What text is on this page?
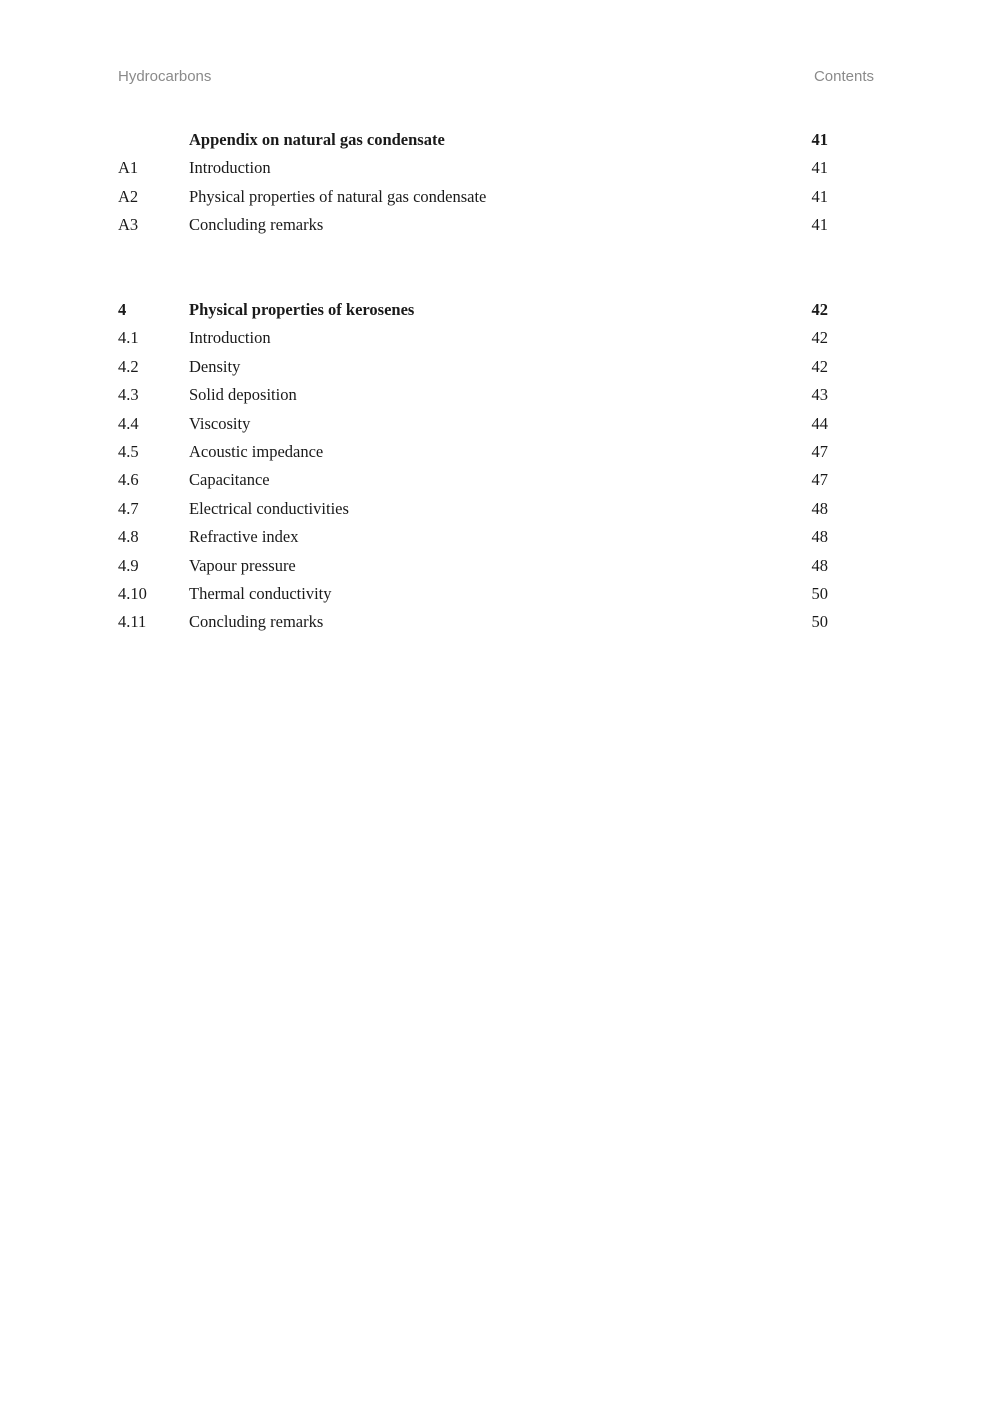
Hydrocarbons	Contents
Appendix on natural gas condensate	41
A1	Introduction	41
A2	Physical properties of natural gas condensate	41
A3	Concluding remarks	41
4	Physical properties of kerosenes	42
4.1	Introduction	42
4.2	Density	42
4.3	Solid deposition	43
4.4	Viscosity	44
4.5	Acoustic impedance	47
4.6	Capacitance	47
4.7	Electrical conductivities	48
4.8	Refractive index	48
4.9	Vapour pressure	48
4.10	Thermal conductivity	50
4.11	Concluding remarks	50
